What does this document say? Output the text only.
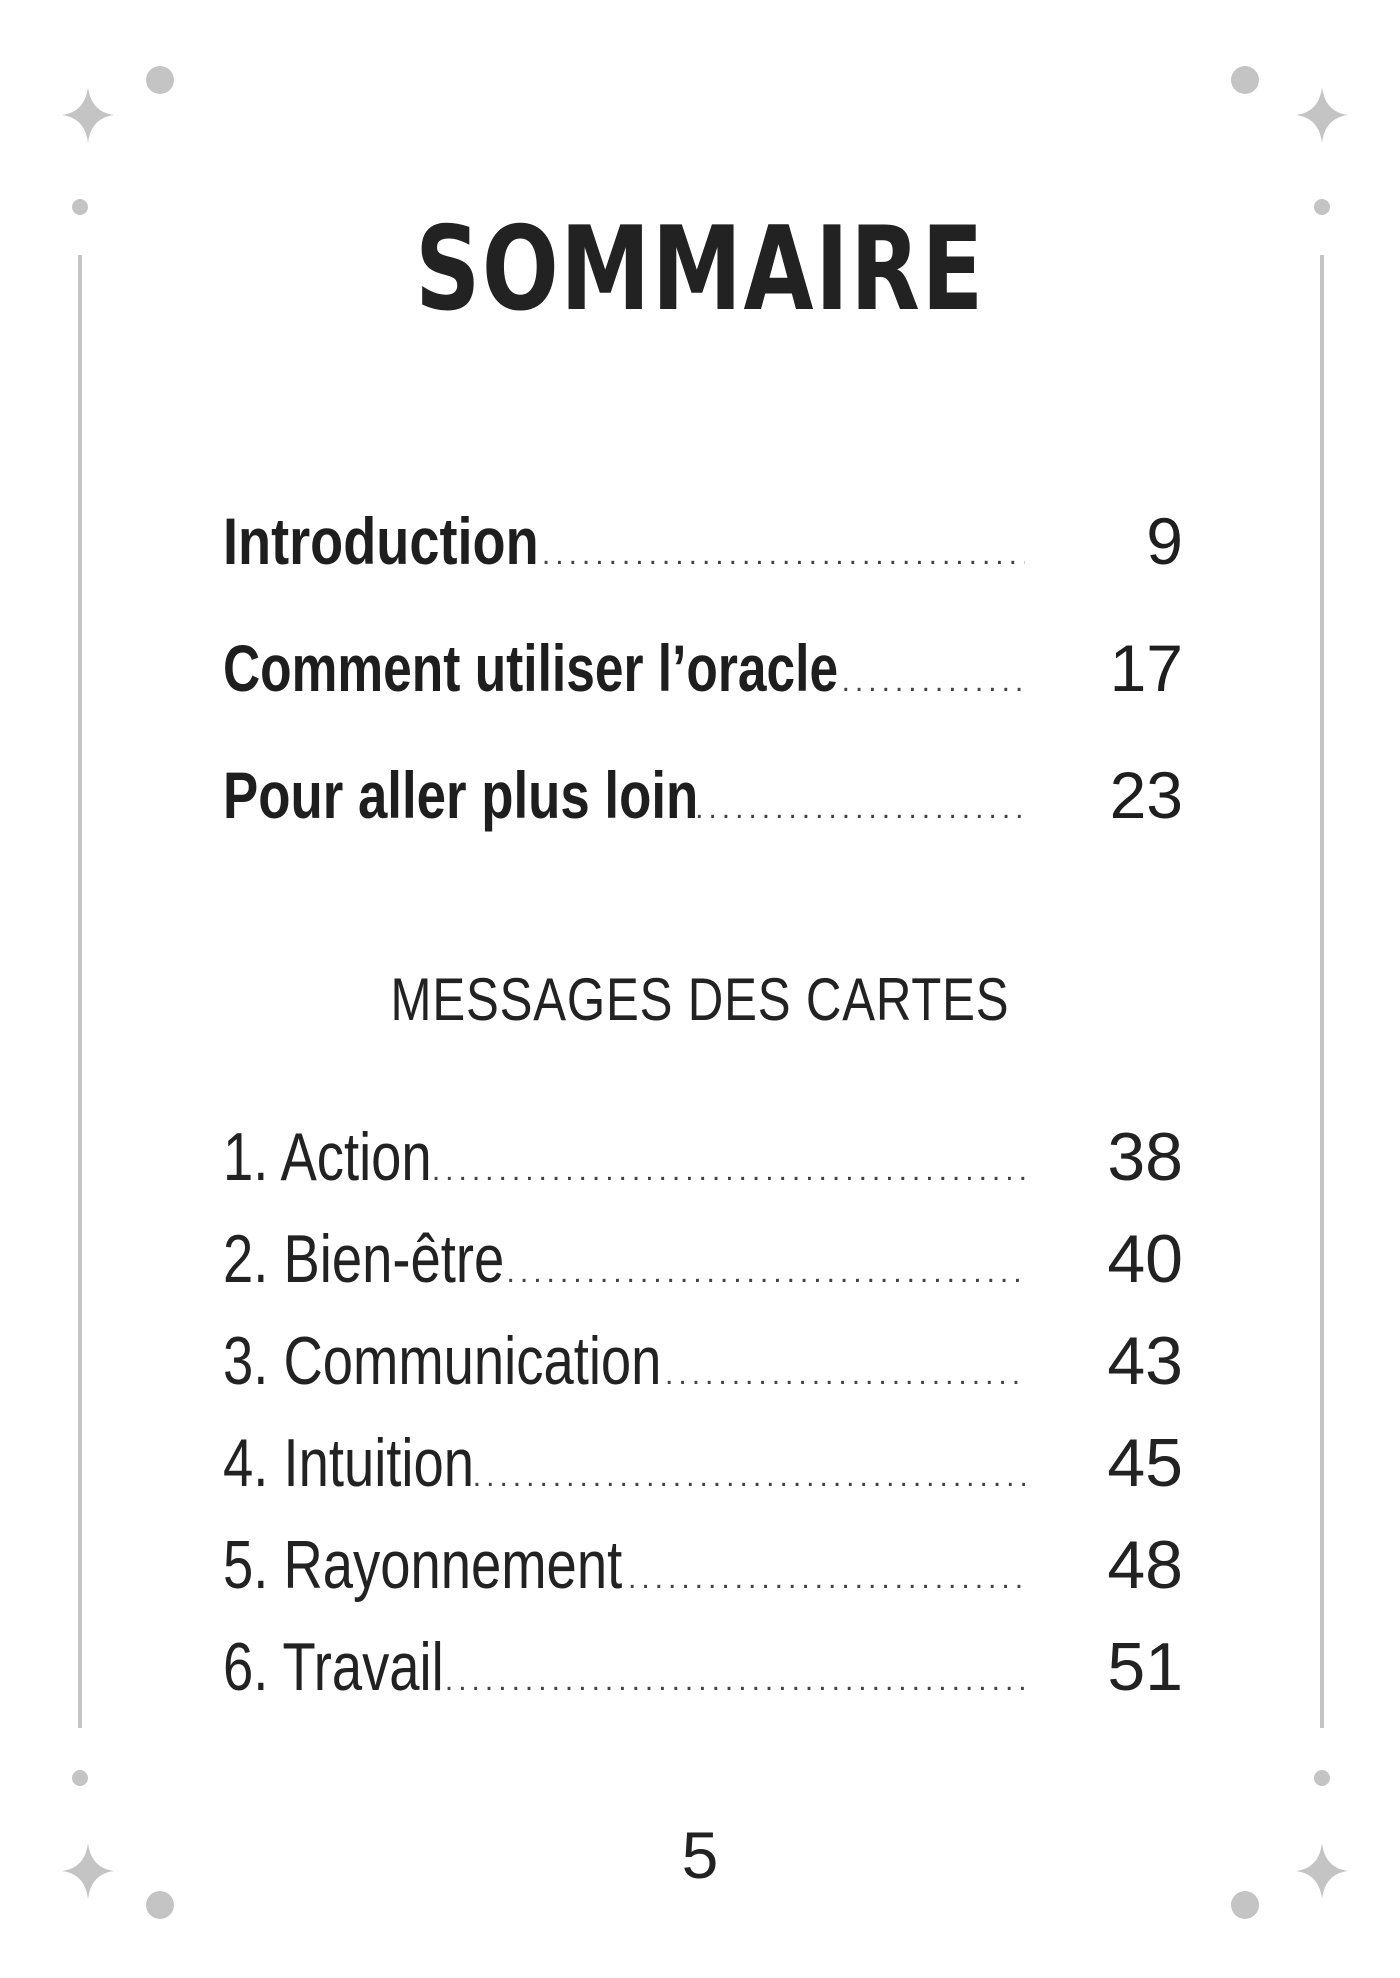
SOMMAIRE
Introduction .....	9
Comment utiliser l’oracle .....	17
Pour aller plus loin .....	23
MESSAGES DES CARTES
1. Action .....	38
2. Bien-être .....	40
3. Communication .....	43
4. Intuition .....	45
5. Rayonnement .....	48
6. Travail .....	51
5
